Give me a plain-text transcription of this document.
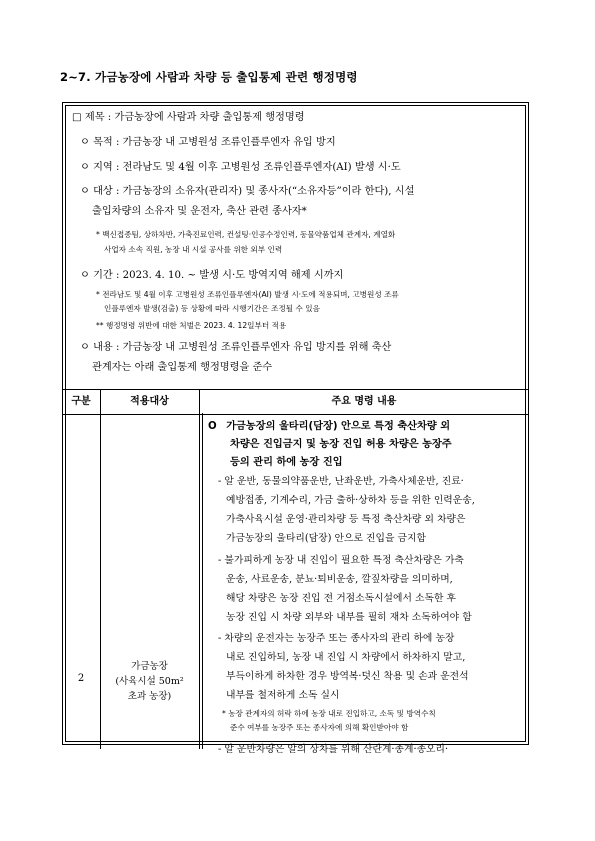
2~7. 가금농장에 사람과 차량 등 출입통제 관련 행정명령
□ 제목 : 가금농장에 사람과 차량 출입통제 행정명령
ㅇ 목적 : 가금농장 내 고병원성 조류인플루엔자 유입 방지
ㅇ 지역 : 전라남도 및 4월 이후 고병원성 조류인플루엔자(AI) 발생 시·도
ㅇ 대상 : 가금농장의 소유자(관리자) 및 종사자(“소유자등”이라 한다), 시설
출입차량의 소유자 및 운전자, 축산 관련 종사자*
* 백신접종팀, 상하차반, 가축진료인력, 컨설팅·인공수정인력, 동물약품업체 관계자, 계열화
사업자 소속 직원, 농장 내 시설 공사를 위한 외부 인력
ㅇ 기간 : 2023. 4. 10. ~ 발생 시·도 방역지역 해제 시까지
* 전라남도 및 4월 이후 고병원성 조류인플루엔자(AI) 발생 시·도에 적용되며, 고병원성 조류
인플루엔자 발생(검출) 등 상황에 따라 시행기간은 조정될 수 있음
** 행정명령 위반에 대한 처벌은 2023. 4. 12일부터 적용
ㅇ 내용 : 가금농장 내 고병원성 조류인플루엔자 유입 방지를 위해 축산
관계자는 아래 출입통제 행정명령을 준수
구분	적용대상	주요 명령 내용
2
가금농장
(사육시설 50m²
초과 농장)
O 가금농장의 울타리(담장) 안으로 특정 축산차량 외
차량은 진입금지 및 농장 진입 허용 차량은 농장주
등의 관리 하에 농장 진입
- 알 운반, 동물의약품운반, 난좌운반, 가축사체운반, 진료·
예방접종, 기계수리, 가금 출하·상하차 등을 위한 인력운송,
가축사육시설 운영·관리차량 등 특정 축산차량 외 차량은
가금농장의 울타리(담장) 안으로 진입을 금지함
- 불가피하게 농장 내 진입이 필요한 특정 축산차량은 가축
운송, 사료운송, 분뇨·퇴비운송, 깔짚차량을 의미하며,
해당 차량은 농장 진입 전 거점소독시설에서 소독한 후
농장 진입 시 차량 외부와 내부를 필히 재차 소독하여야 함
- 차량의 운전자는 농장주 또는 종사자의 관리 하에 농장
내로 진입하되, 농장 내 진입 시 차량에서 하차하지 말고,
부득이하게 하차한 경우 방역복·덧신 착용 및 손과 운전석
내부를 철저하게 소독 실시
* 농장 관계자의 허락 하에 농장 내로 진입하고, 소독 및 방역수칙
준수 여부를 농장주 또는 종사자에 의해 확인받아야 함
- 알 운반차량은 알의 상차를 위해 산란계·종계·종오리·
